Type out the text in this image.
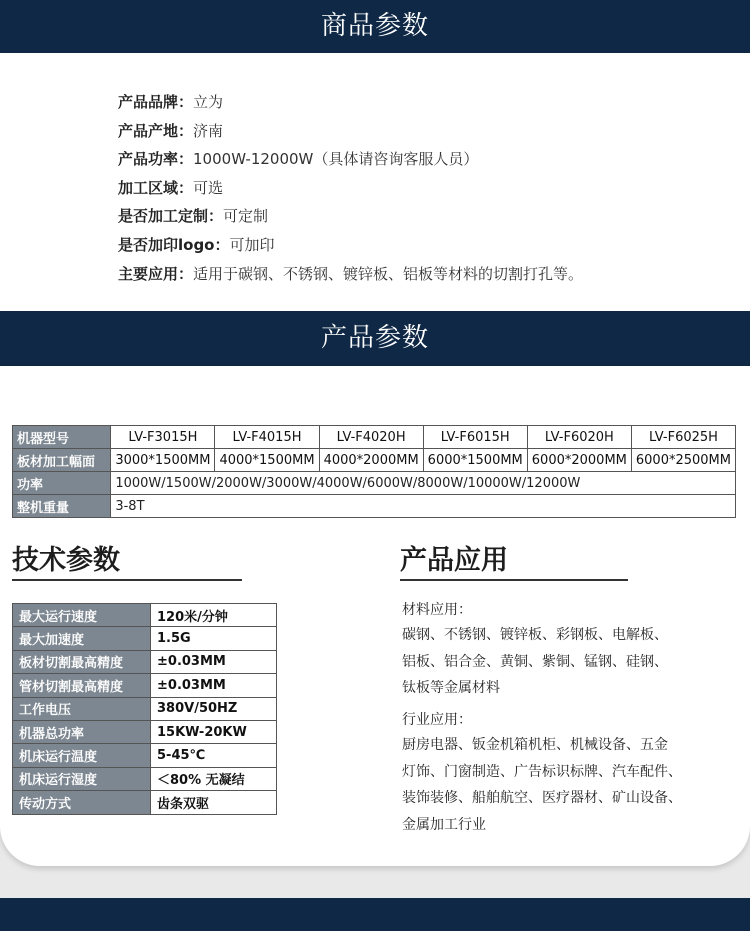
商品参数
产品品牌：立为
产品产地：济南
产品功率：1000W-12000W（具体请咨询客服人员）
加工区域：可选
是否加工定制：可定制
是否加印logo：可加印
主要应用：适用于碳钢、不锈钢、镀锌板、铝板等材料的切割打孔等。
产品参数
机器型号	LV-F3015H	LV-F4015H	LV-F4020H	LV-F6015H	LV-F6020H	LV-F6025H
板材加工幅面	3000*1500MM	4000*1500MM	4000*2000MM	6000*1500MM	6000*2000MM	6000*2500MM
功率	1000W/1500W/2000W/3000W/4000W/6000W/8000W/10000W/12000W					
整机重量	3-8T					
技术参数	产品应用
最大运行速度	120米/分钟
最大加速度	1.5G
板材切割最高精度	±0.03MM
管材切割最高精度	±0.03MM
工作电压	380V/50HZ
机器总功率	15KW-20KW
机床运行温度	5-45℃
机床运行湿度	＜80% 无凝结
传动方式	齿条双驱
材料应用：
碳钢、不锈钢、镀锌板、彩钢板、电解板、
铝板、铝合金、黄铜、紫铜、锰钢、硅钢、
钛板等金属材料
行业应用：
厨房电器、钣金机箱机柜、机械设备、五金
灯饰、门窗制造、广告标识标牌、汽车配件、
装饰装修、船舶航空、医疗器材、矿山设备、
金属加工行业
